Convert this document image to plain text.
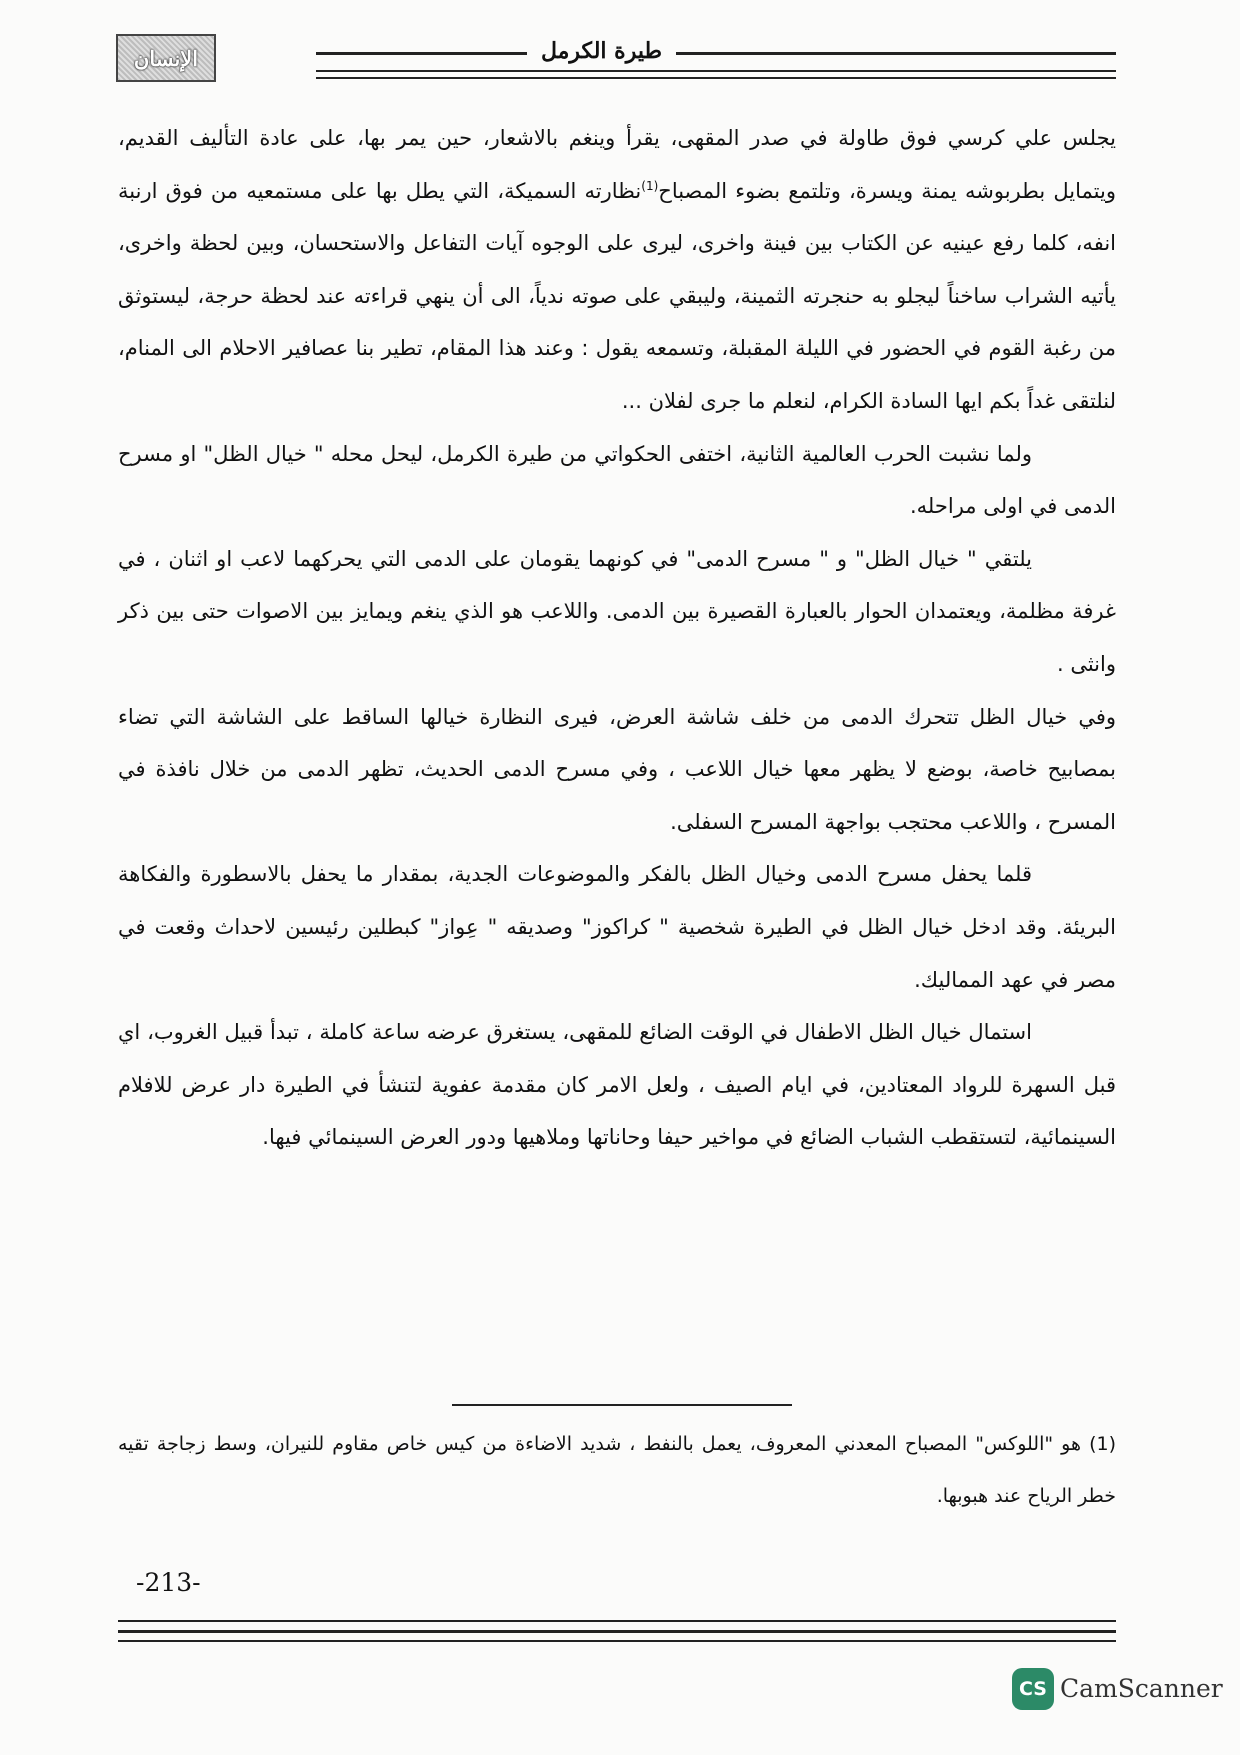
الإنسان	طيرة الكرمل

يجلس علي كرسي فوق طاولة في صدر المقهى، يقرأ وينغم بالاشعار، حين يمر بها، على عادة التأليف القديم، ويتمايل بطربوشه يمنة ويسرة، وتلتمع بضوء المصباح$^{(1)}$نظارته السميكة، التي يطل بها على مستمعيه من فوق ارنبة انفه، كلما رفع عينيه عن الكتاب بين فينة واخرى، ليرى على الوجوه آيات التفاعل والاستحسان، وبين لحظة واخرى، يأتيه الشراب ساخناً ليجلو به حنجرته الثمينة، وليبقي على صوته ندياً، الى أن ينهي قراءته عند لحظة حرجة، ليستوثق من رغبة القوم في الحضور في الليلة المقبلة، وتسمعه يقول : وعند هذا المقام، تطير بنا عصافير الاحلام الى المنام، لنلتقى غداً بكم ايها السادة الكرام، لنعلم ما جرى لفلان ...

ولما نشبت الحرب العالمية الثانية، اختفى الحكواتي من طيرة الكرمل، ليحل محله " خيال الظل" او مسرح الدمى في اولى مراحله.

يلتقي " خيال الظل" و " مسرح الدمى" في كونهما يقومان على الدمى التي يحركهما لاعب او اثنان ، في غرفة مظلمة، ويعتمدان الحوار بالعبارة القصيرة بين الدمى. واللاعب هو الذي ينغم ويمايز بين الاصوات حتى بين ذكر وانثى .

وفي خيال الظل تتحرك الدمى من خلف شاشة العرض، فيرى النظارة خيالها الساقط على الشاشة التي تضاء بمصابيح خاصة، بوضع لا يظهر معها خيال اللاعب ، وفي مسرح الدمى الحديث، تظهر الدمى من خلال نافذة في المسرح ، واللاعب محتجب بواجهة المسرح السفلى.

قلما يحفل مسرح الدمى وخيال الظل بالفكر والموضوعات الجدية، بمقدار ما يحفل بالاسطورة والفكاهة البريئة. وقد ادخل خيال الظل في الطيرة شخصية " كراكوز" وصديقه " عِواز" كبطلين رئيسين لاحداث وقعت في مصر في عهد المماليك.

استمال خيال الظل الاطفال في الوقت الضائع للمقهى، يستغرق عرضه ساعة كاملة ، تبدأ قبيل الغروب، اي قبل السهرة للرواد المعتادين، في ايام الصيف ، ولعل الامر كان مقدمة عفوية لتنشأ في الطيرة دار عرض للافلام السينمائية، لتستقطب الشباب الضائع في مواخير حيفا وحاناتها وملاهيها ودور العرض السينمائي فيها.

(1) هو "اللوكس" المصباح المعدني المعروف، يعمل بالنفط ، شديد الاضاءة من كيس خاص مقاوم للنيران، وسط زجاجة تقيه خطر الرياح عند هبوبها.
-213-
CS CamScanner
